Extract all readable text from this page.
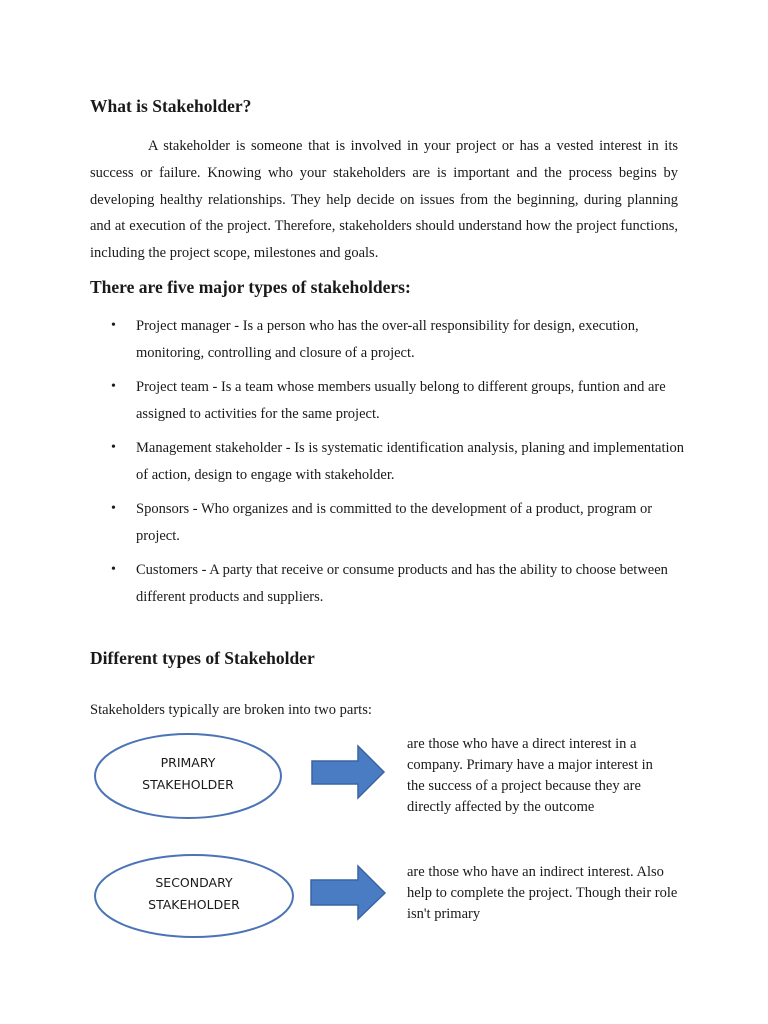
What is Stakeholder?

A stakeholder is someone that is involved in your project or has a vested interest in its success or failure. Knowing who your stakeholders are is important and the process begins by developing healthy relationships. They help decide on issues from the beginning, during planning and at execution of the project. Therefore, stakeholders should understand how the project functions, including the project scope, milestones and goals.

There are five major types of stakeholders:
• Project manager - Is a person who has the over-all responsibility for design, execution, monitoring, controlling and closure of a project.
• Project team - Is a team whose members usually belong to different groups, funtion and are assigned to activities for the same project.
• Management stakeholder - Is is systematic identification analysis, planing and implementation of action, design to engage with stakeholder.
• Sponsors - Who organizes and is committed to the development of a product, program or project.
• Customers - A party that receive or consume products and has the ability to choose between different products and suppliers.
Different types of Stakeholder

Stakeholders typically are broken into two parts:

PRIMARY
STAKEHOLDER
SECONDARY
STAKEHOLDER

are those who have a direct interest in a company. Primary have a major interest in the success of a project because they are directly affected by the outcome

are those who have an indirect interest. Also help to complete the project. Though their role isn't primary
